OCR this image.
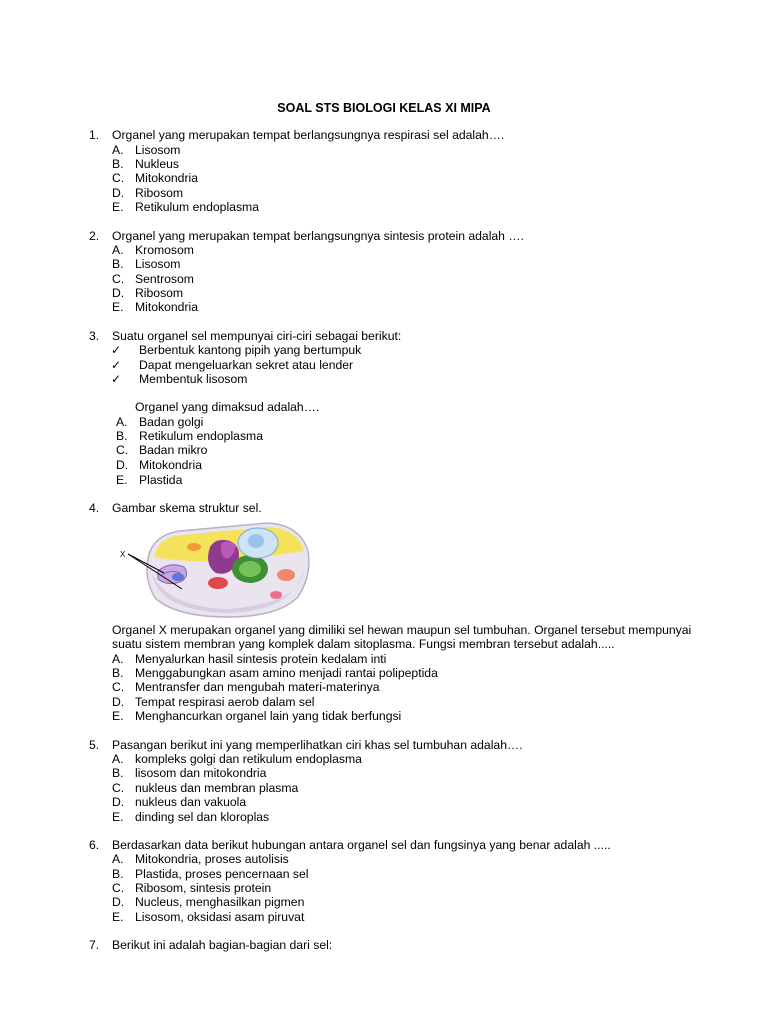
SOAL STS BIOLOGI KELAS XI MIPA
1. Organel yang merupakan tempat berlangsungnya respirasi sel adalah….
A. Lisosom
B. Nukleus
C. Mitokondria
D. Ribosom
E. Retikulum endoplasma
2. Organel yang merupakan tempat berlangsungnya sintesis protein adalah ….
A. Kromosom
B. Lisosom
C. Sentrosom
D. Ribosom
E. Mitokondria
3. Suatu organel sel mempunyai ciri-ciri sebagai berikut:
✓ Berbentuk kantong pipih yang bertumpuk
✓ Dapat mengeluarkan sekret atau lender
✓ Membentuk lisosom
Organel yang dimaksud adalah….
A. Badan golgi
B. Retikulum endoplasma
C. Badan mikro
D. Mitokondria
E. Plastida
4. Gambar skema struktur sel.
X
Organel X merupakan organel yang dimiliki sel hewan maupun sel tumbuhan. Organel tersebut mempunyai suatu sistem membran yang komplek dalam sitoplasma. Fungsi membran tersebut adalah.....
A. Menyalurkan hasil sintesis protein kedalam inti
B. Menggabungkan asam amino menjadi rantai polipeptida
C. Mentransfer dan mengubah materi-materinya
D. Tempat respirasi aerob dalam sel
E. Menghancurkan organel lain yang tidak berfungsi
5. Pasangan berikut ini yang memperlihatkan ciri khas sel tumbuhan adalah….
A. kompleks golgi dan retikulum endoplasma
B. lisosom dan mitokondria
C. nukleus dan membran plasma
D. nukleus dan vakuola
E. dinding sel dan kloroplas
6. Berdasarkan data berikut hubungan antara organel sel dan fungsinya yang benar adalah .....
A. Mitokondria, proses autolisis
B. Plastida, proses pencernaan sel
C. Ribosom, sintesis protein
D. Nucleus, menghasilkan pigmen
E. Lisosom, oksidasi asam piruvat
7. Berikut ini adalah bagian-bagian dari sel:
